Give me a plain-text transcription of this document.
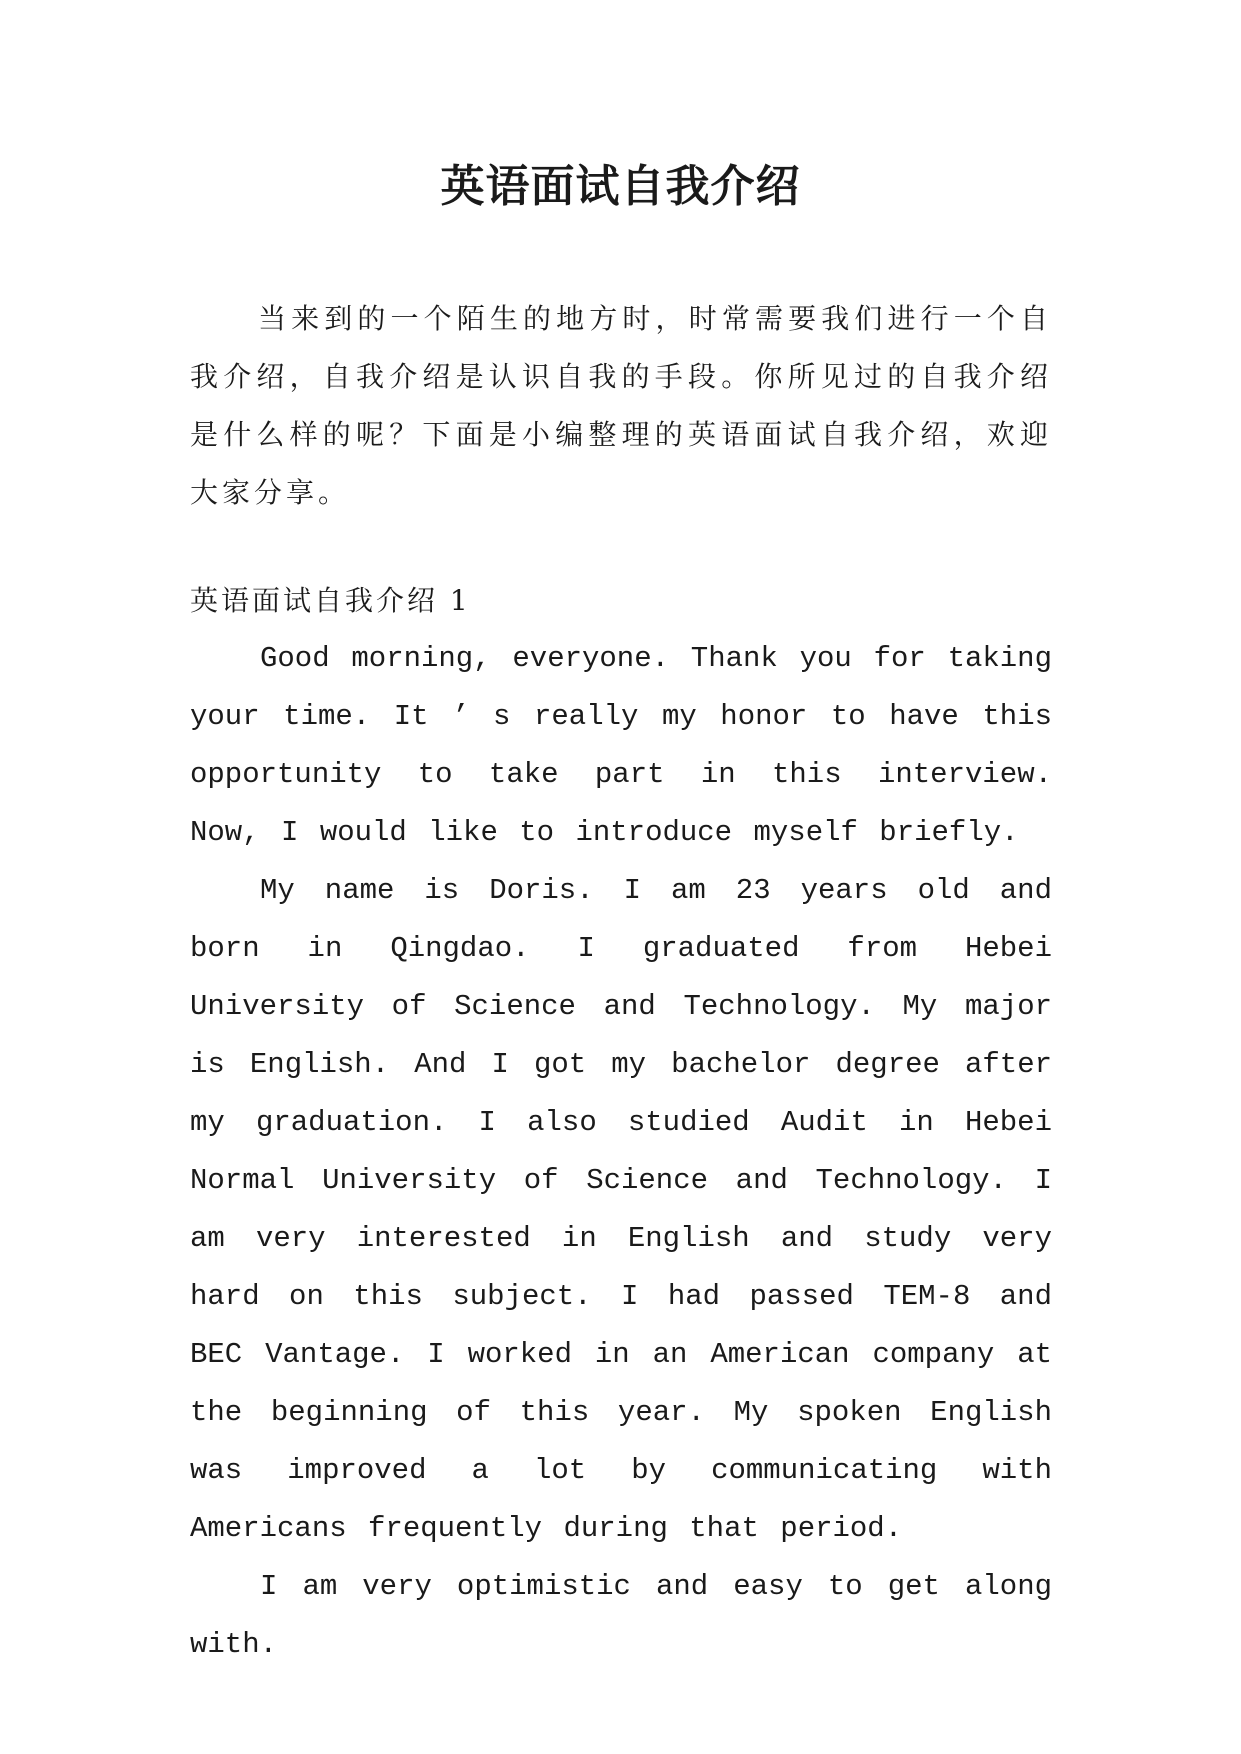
英语面试自我介绍

当来到的一个陌生的地方时，时常需要我们进行一个自我介绍，自我介绍是认识自我的手段。你所见过的自我介绍是什么样的呢？下面是小编整理的英语面试自我介绍，欢迎大家分享。

英语面试自我介绍 1

Good morning, everyone. Thank you for taking your time. It ’ s really my honor to have this opportunity to take part in this interview. Now, I would like to introduce myself briefly.

My name is Doris. I am 23 years old and born in Qingdao. I graduated from Hebei University of Science and Technology. My major is English. And I got my bachelor degree after my graduation. I also studied Audit in Hebei Normal University of Science and Technology. I am very interested in English and study very hard on this subject. I had passed TEM-8 and BEC Vantage. I worked in an American company at the beginning of this year. My spoken English was improved a lot by communicating with Americans frequently during that period.

I am very optimistic and easy to get along with.
